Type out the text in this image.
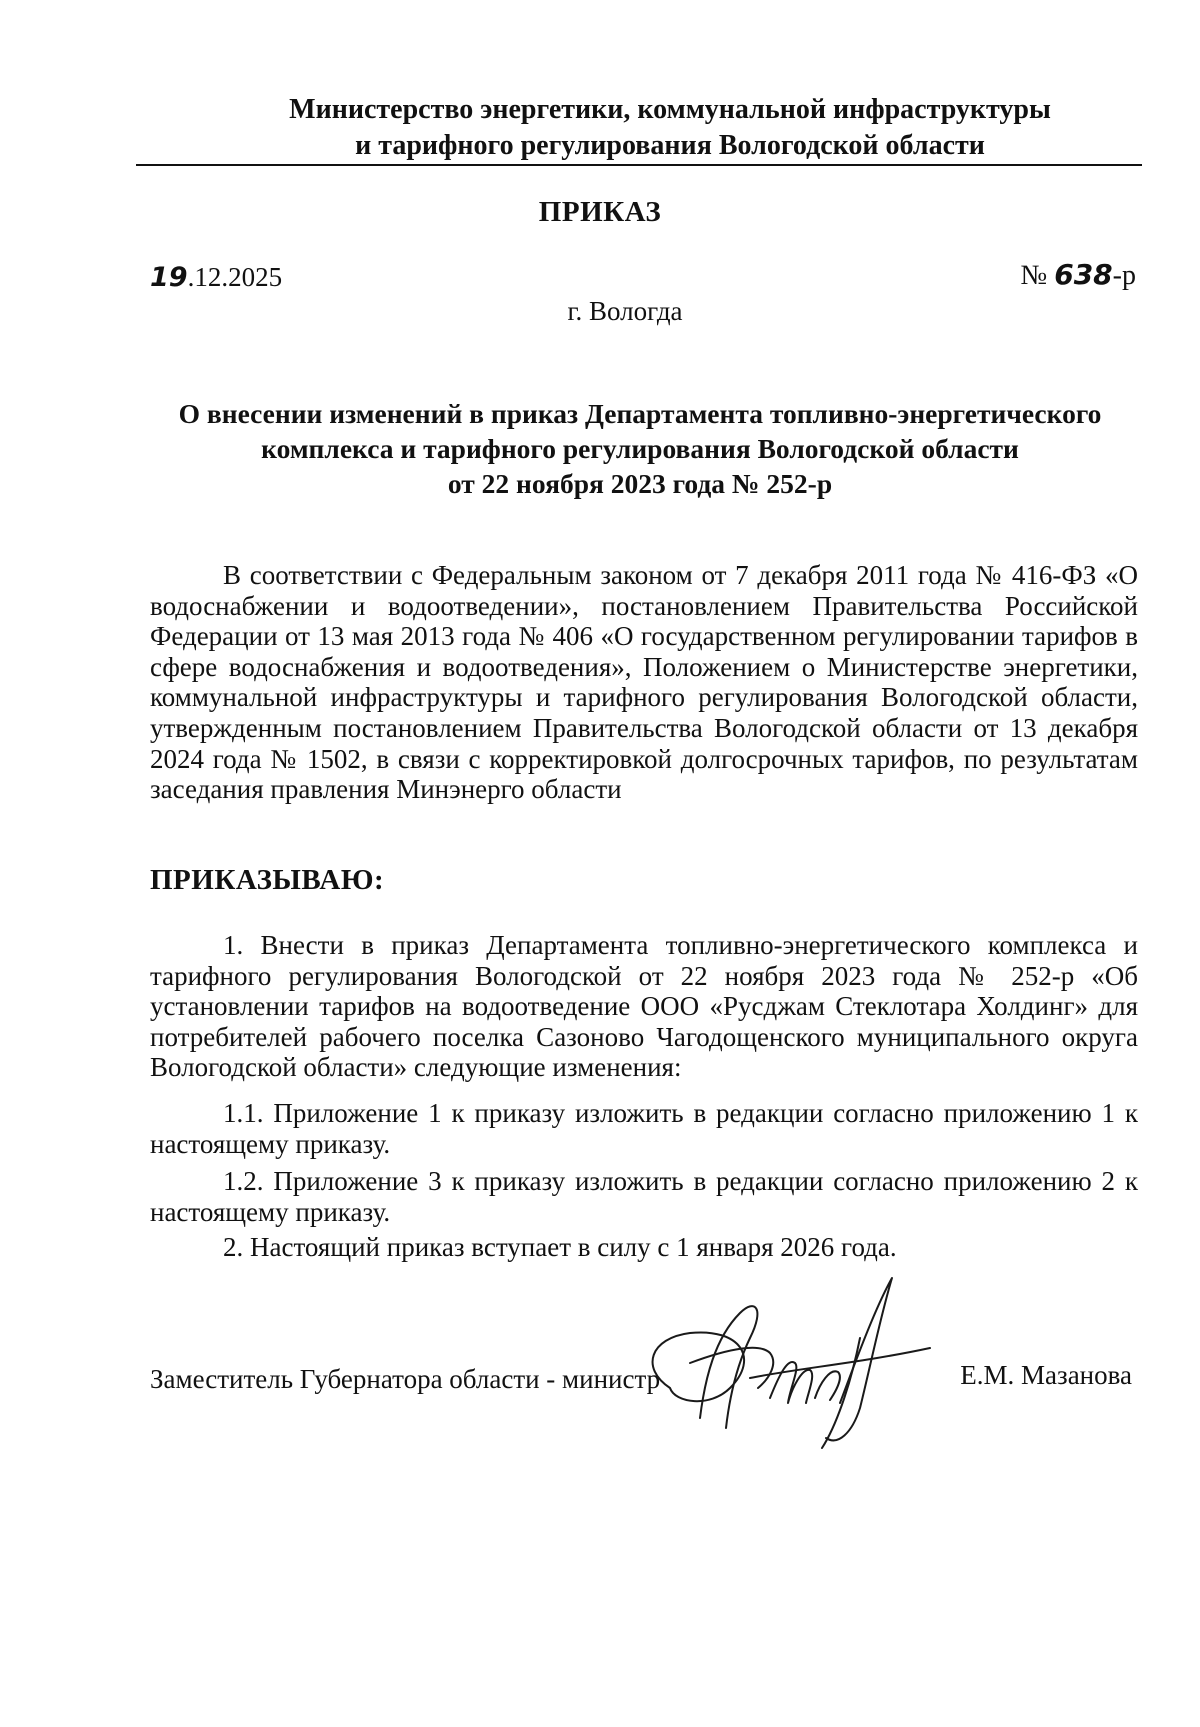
Министерство энергетики, коммунальной инфраструктуры
и тарифного регулирования Вологодской области
ПРИКАЗ
19.12.2025	№ 638-р
г. Вологда
О внесении изменений в приказ Департамента топливно-энергетического
комплекса и тарифного регулирования Вологодской области
от 22 ноября 2023 года № 252-р
В соответствии с Федеральным законом от 7 декабря 2011 года № 416-ФЗ «О водоснабжении и водоотведении», постановлением Правительства Российской Федерации от 13 мая 2013 года № 406 «О государственном регулировании тарифов в сфере водоснабжения и водоотведения», Положением о Министерстве энергетики, коммунальной инфраструктуры и тарифного регулирования Вологодской области, утвержденным постановлением Правительства Вологодской области от 13 декабря 2024 года № 1502, в связи с корректировкой долгосрочных тарифов, по результатам заседания правления Минэнерго области
ПРИКАЗЫВАЮ:
1. Внести в приказ Департамента топливно-энергетического комплекса и тарифного регулирования Вологодской от 22 ноября 2023 года № 252-р «Об установлении тарифов на водоотведение ООО «Русджам Стеклотара Холдинг» для потребителей рабочего поселка Сазоново Чагодощенского муниципального округа Вологодской области» следующие изменения:
1.1. Приложение 1 к приказу изложить в редакции согласно приложению 1 к настоящему приказу.
1.2. Приложение 3 к приказу изложить в редакции согласно приложению 2 к настоящему приказу.
2. Настоящий приказ вступает в силу с 1 января 2026 года.
Заместитель Губернатора области - министр	Е.М. Мазанова
